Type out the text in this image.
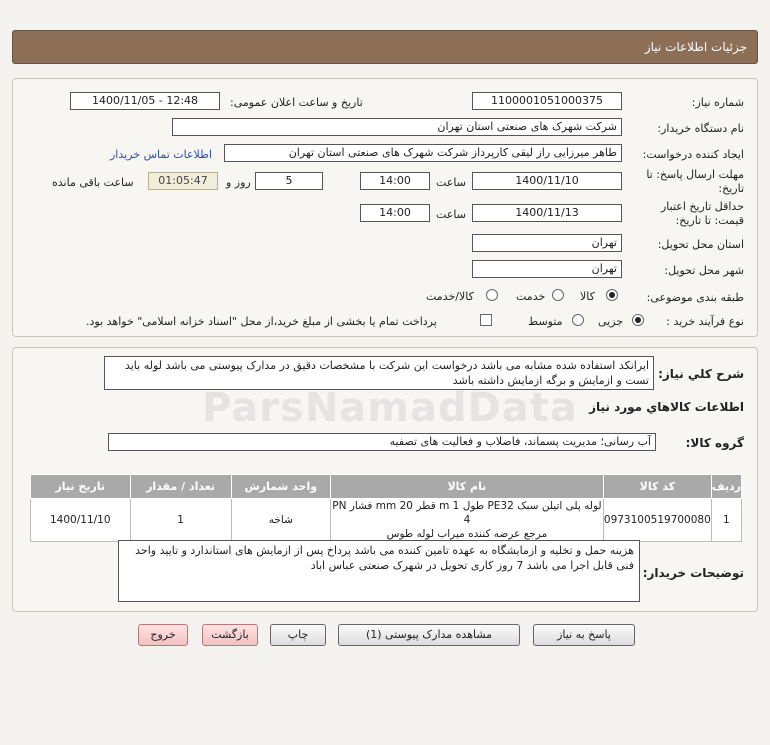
جزئیات اطلاعات نیاز
شماره نیاز:
1100001051000375
تاریخ و ساعت اعلان عمومی:
1400/11/05 - 12:48
نام دستگاه خریدار:
شرکت شهرک های صنعتی استان تهران
ایجاد کننده درخواست:
طاهر میرزایی راز لیقی کارپرداز شرکت شهرک های صنعتی استان تهران
اطلاعات تماس خریدار
مهلت ارسال پاسخ: تا
تاریخ:
1400/11/10
ساعت
14:00
5
روز و
01:05:47
ساعت باقی مانده
حداقل تاریخ اعتبار
قیمت: تا تاریخ:
1400/11/13
ساعت
14:00
استان محل تحویل:
تهران
شهر محل تحویل:
تهران
طبقه بندی موضوعی:
کالا
خدمت
کالا/خدمت
نوع فرآیند خرید :
جزیی
متوسط
پرداخت تمام یا بخشی از مبلغ خرید،از محل "اسناد خزانه اسلامی" خواهد بود.
شرح کلي نياز:
ایرانکد استفاده شده مشابه می باشد درخواست این شرکت با مشخصات دقیق در مدارک پیوستی می باشد لوله باید تست و ازمایش و برگه ازمایش داشته باشد
اطلاعات کالاهاي مورد نياز
گروه کالا:
آب رسانی؛ مدیریت پسماند، فاضلاب و فعالیت های تصفیه
ردیف	کد کالا	نام کالا	واحد شمارش	تعداد / مقدار	تاریخ نیاز
1	0973100519700080	لوله پلی اتیلن سبک PE32 طول 1 m قطر 20 mm فشار PN 4
مرجع عرضه کننده میراب لوله طوس	شاخه	1	1400/11/10
توضیحات خریدار:
هزینه حمل و تخلیه و ازمایشگاه به عهده تامین کننده می باشد پرداخ پس از ازمایش های استاندارد و تایید واحد فنی قابل اجرا می باشد 7 روز کاری تحویل در شهرک صنعتی عباس اباد
پاسخ به نیاز
مشاهده مدارک پیوستی (1)
چاپ
بازگشت
خروج
